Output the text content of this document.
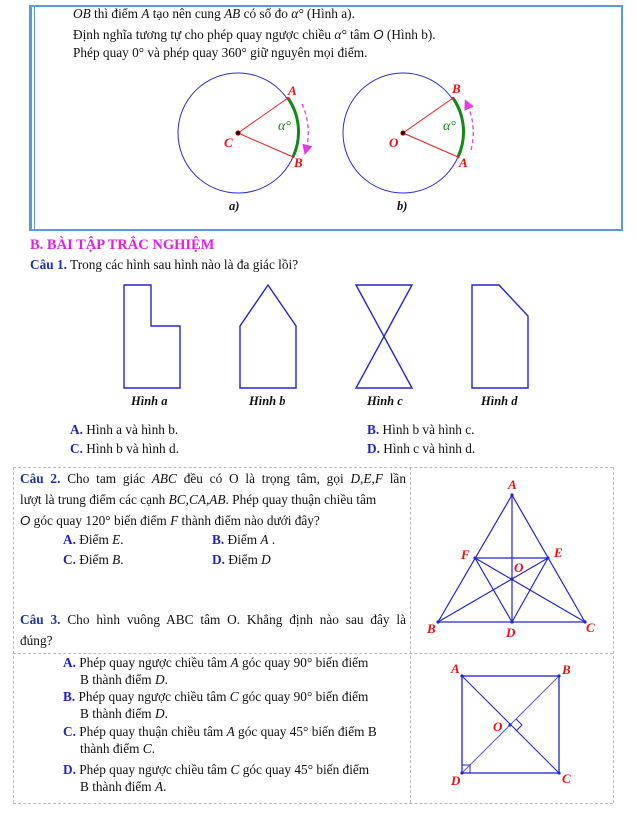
OB thì điểm A tạo nên cung AB có số đo α° (Hình a).
Định nghĩa tương tự cho phép quay ngược chiều α° tâm O (Hình b).
Phép quay 0° và phép quay 360° giữ nguyên mọi điểm.
A
B
C
α°
a)
B
A
O
α°
b)
B. BÀI TẬP TRẮC NGHIỆM
Câu 1. Trong các hình sau hình nào là đa giác lồi?
Hình a	Hình b	Hình c	Hình d
A. Hình a và hình b.	B. Hình b và hình c.
C. Hình b và hình d.	D. Hình c và hình d.
Câu 2. Cho tam giác ABC đều có O là trọng tâm, gọi D,E,F lần
lượt là trung điểm các cạnh BC,CA,AB. Phép quay thuận chiều tâm
O góc quay 120° biến điểm F thành điểm nào dưới đây?
A. Điểm E.	B. Điểm A .
C. Điểm B.	D. Điểm D
A
B	C
D
E
F
O
Câu 3. Cho hình vuông ABC tâm O. Khẳng định nào sau đây là
đúng?
A. Phép quay ngược chiều tâm A góc quay 90° biến điểm
B thành điểm D.
B. Phép quay ngược chiều tâm C góc quay 90° biến điểm
B thành điểm D.
C. Phép quay thuận chiều tâm A góc quay 45° biến điểm B
thành điểm C.
D. Phép quay ngược chiều tâm C góc quay 45° biến điểm
B thành điểm A.
A	B
C
D
O
